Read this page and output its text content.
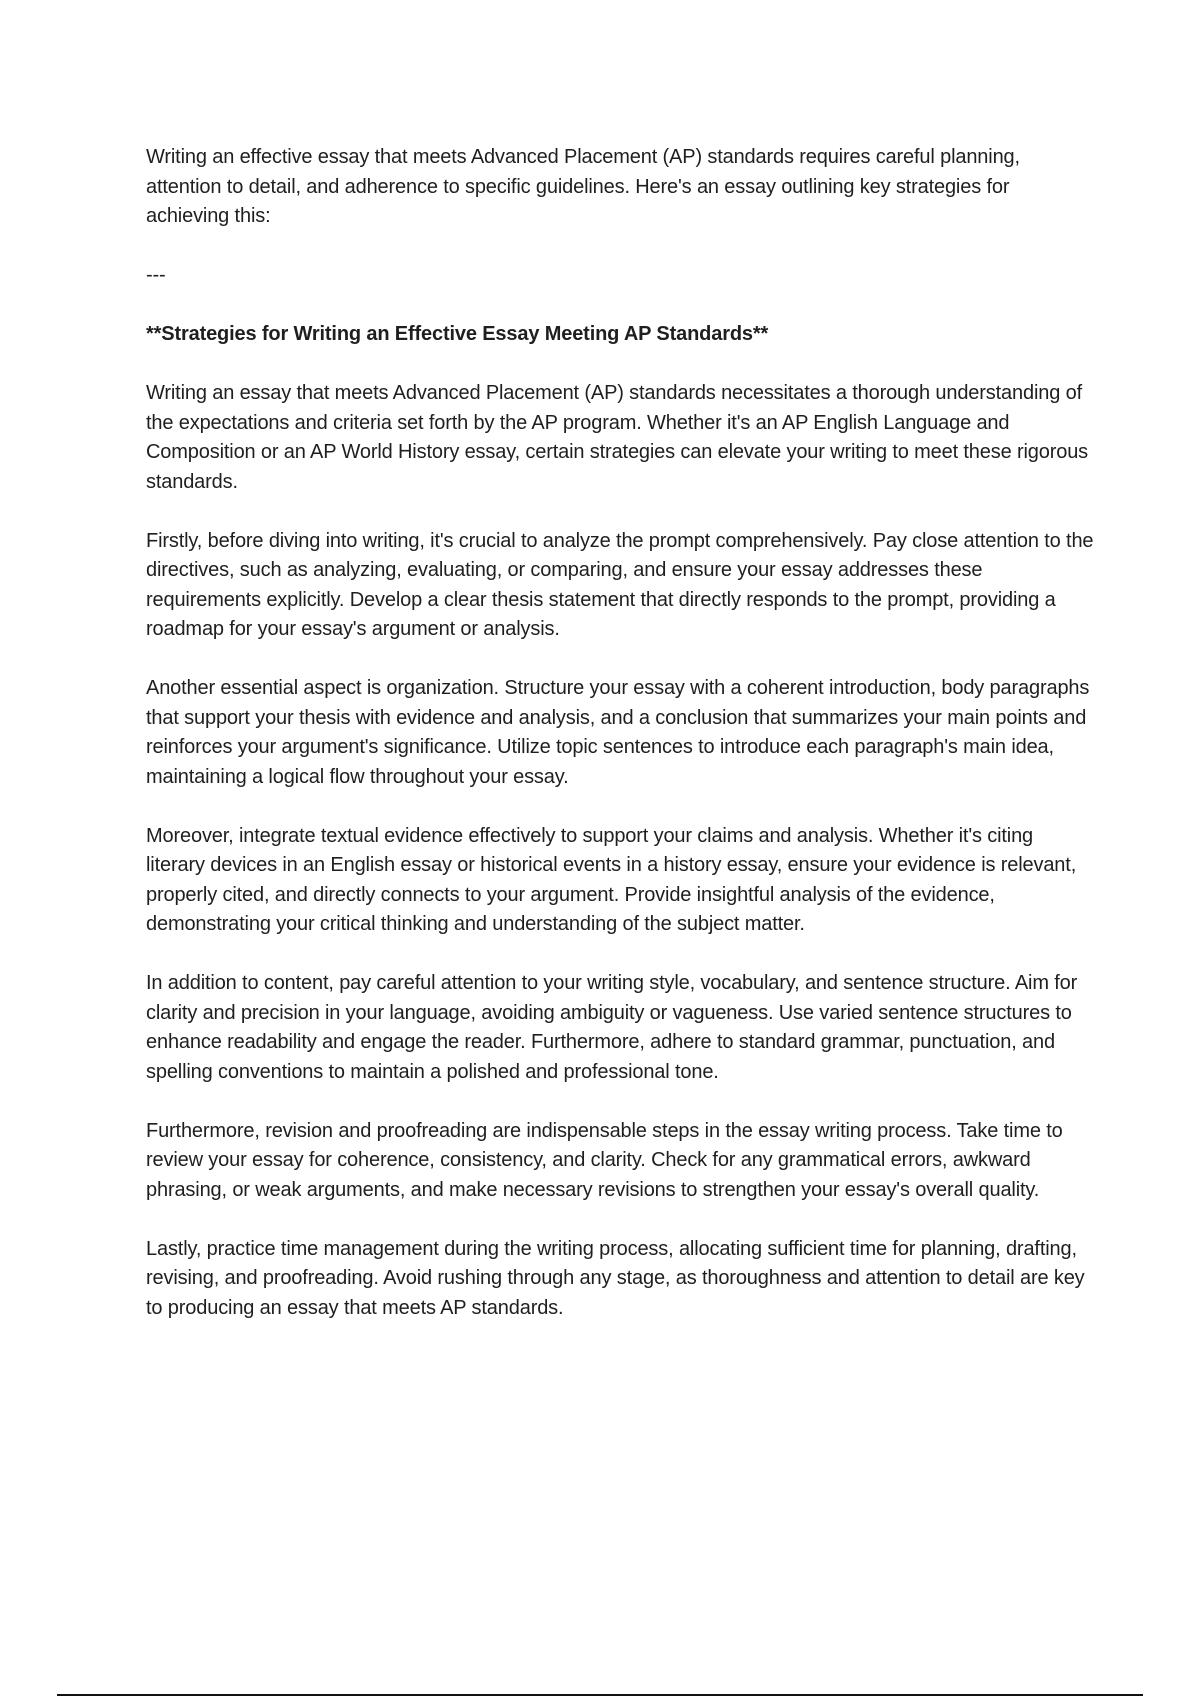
Writing an effective essay that meets Advanced Placement (AP) standards requires careful planning, attention to detail, and adherence to specific guidelines. Here's an essay outlining key strategies for achieving this:

---

**Strategies for Writing an Effective Essay Meeting AP Standards**

Writing an essay that meets Advanced Placement (AP) standards necessitates a thorough understanding of the expectations and criteria set forth by the AP program. Whether it's an AP English Language and Composition or an AP World History essay, certain strategies can elevate your writing to meet these rigorous standards.

Firstly, before diving into writing, it's crucial to analyze the prompt comprehensively. Pay close attention to the directives, such as analyzing, evaluating, or comparing, and ensure your essay addresses these requirements explicitly. Develop a clear thesis statement that directly responds to the prompt, providing a roadmap for your essay's argument or analysis.

Another essential aspect is organization. Structure your essay with a coherent introduction, body paragraphs that support your thesis with evidence and analysis, and a conclusion that summarizes your main points and reinforces your argument's significance. Utilize topic sentences to introduce each paragraph's main idea, maintaining a logical flow throughout your essay.

Moreover, integrate textual evidence effectively to support your claims and analysis. Whether it's citing literary devices in an English essay or historical events in a history essay, ensure your evidence is relevant, properly cited, and directly connects to your argument. Provide insightful analysis of the evidence, demonstrating your critical thinking and understanding of the subject matter.

In addition to content, pay careful attention to your writing style, vocabulary, and sentence structure. Aim for clarity and precision in your language, avoiding ambiguity or vagueness. Use varied sentence structures to enhance readability and engage the reader. Furthermore, adhere to standard grammar, punctuation, and spelling conventions to maintain a polished and professional tone.

Furthermore, revision and proofreading are indispensable steps in the essay writing process. Take time to review your essay for coherence, consistency, and clarity. Check for any grammatical errors, awkward phrasing, or weak arguments, and make necessary revisions to strengthen your essay's overall quality.

Lastly, practice time management during the writing process, allocating sufficient time for planning, drafting, revising, and proofreading. Avoid rushing through any stage, as thoroughness and attention to detail are key to producing an essay that meets AP standards.
